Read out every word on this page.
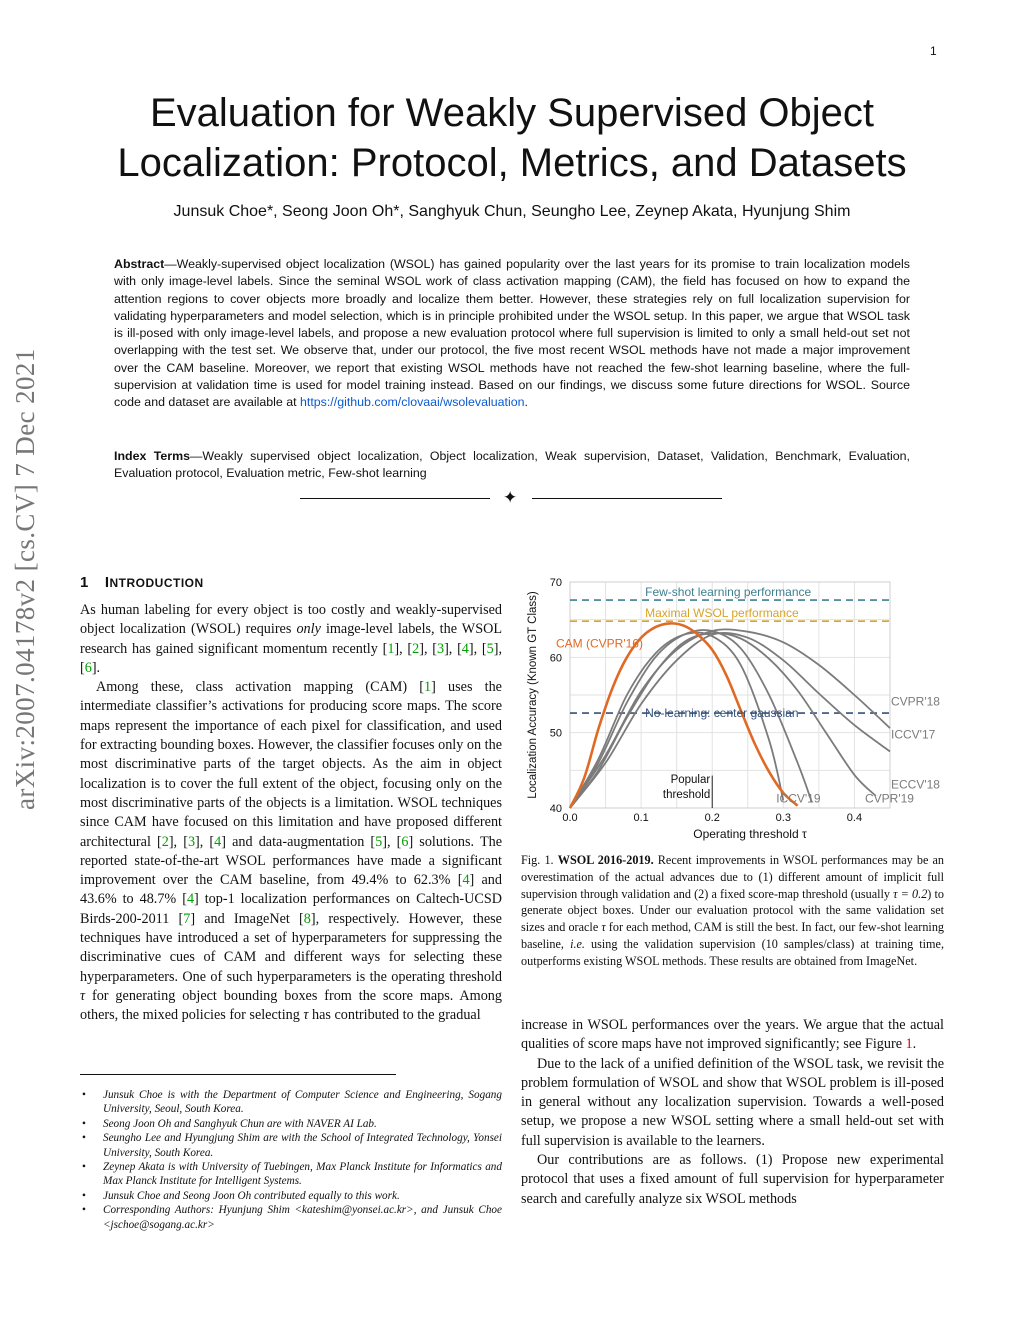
1
Evaluation for Weakly Supervised Object
Localization: Protocol, Metrics, and Datasets
Junsuk Choe*, Seong Joon Oh*, Sanghyuk Chun, Seungho Lee, Zeynep Akata, Hyunjung Shim
Abstract—Weakly-supervised object localization (WSOL) has gained popularity over the last years for its promise to train localization models with only image-level labels. Since the seminal WSOL work of class activation mapping (CAM), the field has focused on how to expand the attention regions to cover objects more broadly and localize them better. However, these strategies rely on full localization supervision for validating hyperparameters and model selection, which is in principle prohibited under the WSOL setup. In this paper, we argue that WSOL task is ill-posed with only image-level labels, and propose a new evaluation protocol where full supervision is limited to only a small held-out set not overlapping with the test set. We observe that, under our protocol, the five most recent WSOL methods have not made a major improvement over the CAM baseline. Moreover, we report that existing WSOL methods have not reached the few-shot learning baseline, where the full-supervision at validation time is used for model training instead. Based on our findings, we discuss some future directions for WSOL. Source code and dataset are available at https://github.com/clovaai/wsolevaluation.
Index Terms—Weakly supervised object localization, Object localization, Weak supervision, Dataset, Validation, Benchmark, Evaluation, Evaluation protocol, Evaluation metric, Few-shot learning
✦
arXiv:2007.04178v2 [cs.CV] 7 Dec 2021	1 INTRODUCTION

As human labeling for every object is too costly and weakly-supervised object localization (WSOL) requires only image-level labels, the WSOL research has gained significant momentum recently [1], [2], [3], [4], [5], [6].

Among these, class activation mapping (CAM) [1] uses the intermediate classifier’s activations for producing score maps. The score maps represent the importance of each pixel for classification, and used for extracting bounding boxes. However, the classifier focuses only on the most discriminative parts of the target objects. As the aim in object localization is to cover the full extent of the object, focusing only on the most discriminative parts of the objects is a limitation. WSOL techniques since CAM have focused on this limitation and have proposed different architectural [2], [3], [4] and data-augmentation [5], [6] solutions. The reported state-of-the-art WSOL performances have made a significant improvement over the CAM baseline, from 49.4% to 62.3% [4] and 43.6% to 48.7% [4] top-1 localization performances on Caltech-UCSD Birds-200-2011 [7] and ImageNet [8], respectively. However, these techniques have introduced a set of hyperparameters for suppressing the discriminative cues of CAM and different ways for selecting these hyperparameters. One of such hyperparameters is the operating threshold τ for generating object bounding boxes from the score maps. Among others, the mixed policies for selecting τ has contributed to the gradual

• Junsuk Choe is with the Department of Computer Science and Engineering, Sogang University, Seoul, South Korea.
• Seong Joon Oh and Sanghyuk Chun are with NAVER AI Lab.
• Seungho Lee and Hyungjung Shim are with the School of Integrated Technology, Yonsei University, South Korea.
• Zeynep Akata is with University of Tuebingen, Max Planck Institute for Informatics and Max Planck Institute for Intelligent Systems.
• Junsuk Choe and Seong Joon Oh contributed equally to this work.
• Corresponding Authors: Hyunjung Shim <kateshim@yonsei.ac.kr>, and Junsuk Choe <jschoe@sogang.ac.kr>
40
50
60
70
0.0	0.1	0.2	0.3	0.4
Localization Accuracy (Known GT Class)
Operating threshold τ
Popular
threshold
Few-shot learning performance
Maximal WSOL performance
CAM (CVPR'16)
No-learning: center gaussian
CVPR'18
ICCV'17
ECCV'18
ICCV'19	CVPR'19
Fig. 1. WSOL 2016-2019. Recent improvements in WSOL performances may be an overestimation of the actual advances due to (1) different amount of implicit full supervision through validation and (2) a fixed score-map threshold (usually τ = 0.2) to generate object boxes. Under our evaluation protocol with the same validation set sizes and oracle τ for each method, CAM is still the best. In fact, our few-shot learning baseline, i.e. using the validation supervision (10 samples/class) at training time, outperforms existing WSOL methods. These results are obtained from ImageNet.

increase in WSOL performances over the years. We argue that the actual qualities of score maps have not improved significantly; see Figure 1.

Due to the lack of a unified definition of the WSOL task, we revisit the problem formulation of WSOL and show that WSOL problem is ill-posed in general without any localization supervision. Towards a well-posed setup, we propose a new WSOL setting where a small held-out set with full supervision is available to the learners.

Our contributions are as follows. (1) Propose new experimental protocol that uses a fixed amount of full supervision for hyperparameter search and carefully analyze six WSOL methods
